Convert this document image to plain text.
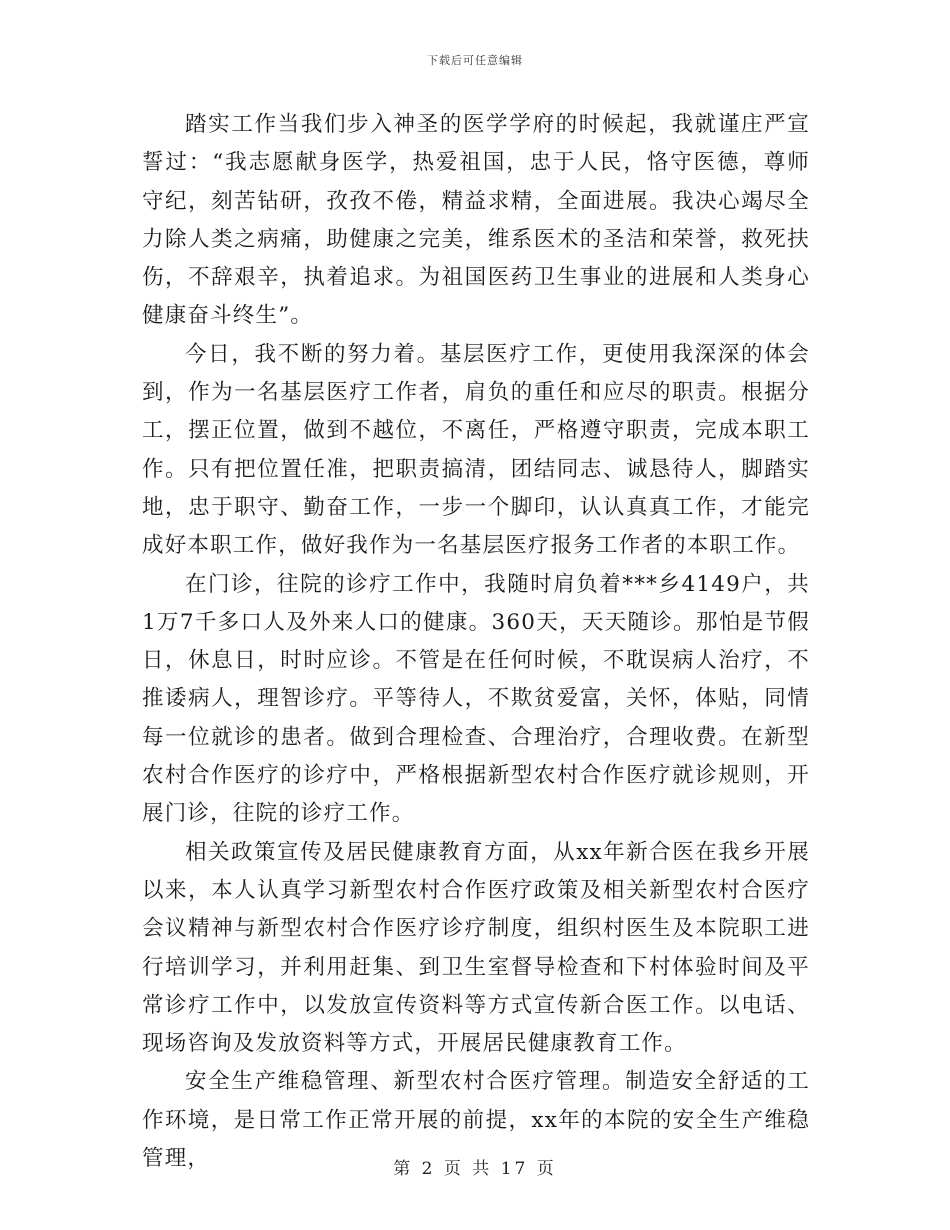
下载后可任意编辑

踏实工作当我们步入神圣的医学学府的时候起，我就谨庄严宣誓过：“我志愿献身医学，热爱祖国，忠于人民，恪守医德，尊师守纪，刻苦钻研，孜孜不倦，精益求精，全面进展。我决心竭尽全力除人类之病痛，助健康之完美，维系医术的圣洁和荣誉，救死扶伤，不辞艰辛，执着追求。为祖国医药卫生事业的进展和人类身心健康奋斗终生”。

今日，我不断的努力着。基层医疗工作，更使用我深深的体会到，作为一名基层医疗工作者，肩负的重任和应尽的职责。根据分工，摆正位置，做到不越位，不离任，严格遵守职责，完成本职工作。只有把位置任准，把职责搞清，团结同志、诚恳待人，脚踏实地，忠于职守、勤奋工作，一步一个脚印，认认真真工作，才能完成好本职工作，做好我作为一名基层医疗报务工作者的本职工作。

在门诊，往院的诊疗工作中，我随时肩负着***乡4149户，共1万7千多口人及外来人口的健康。360天，天天随诊。那怕是节假日，休息日，时时应诊。不管是在任何时候，不耽误病人治疗，不推诿病人，理智诊疗。平等待人，不欺贫爱富，关怀，体贴，同情每一位就诊的患者。做到合理检查、合理治疗，合理收费。在新型农村合作医疗的诊疗中，严格根据新型农村合作医疗就诊规则，开展门诊，往院的诊疗工作。

相关政策宣传及居民健康教育方面，从xx年新合医在我乡开展以来，本人认真学习新型农村合作医疗政策及相关新型农村合医疗会议精神与新型农村合作医疗诊疗制度，组织村医生及本院职工进行培训学习，并利用赶集、到卫生室督导检查和下村体验时间及平常诊疗工作中，以发放宣传资料等方式宣传新合医工作。以电话、现场咨询及发放资料等方式，开展居民健康教育工作。

安全生产维稳管理、新型农村合医疗管理。制造安全舒适的工作环境，是日常工作正常开展的前提，xx年的本院的安全生产维稳管理，	第 2 页 共 17 页
